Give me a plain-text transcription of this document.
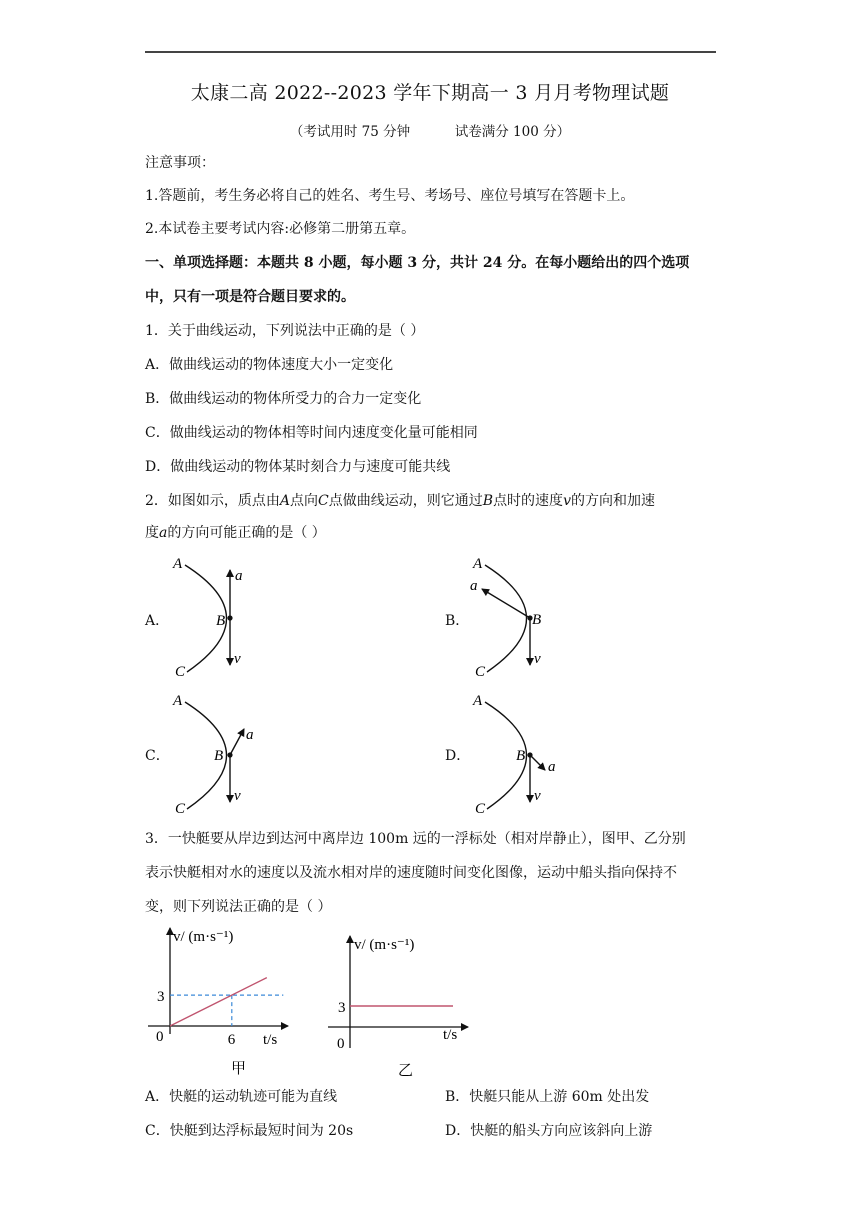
太康二高 2022--2023 学年下期高一 3 月月考物理试题
（考试用时 75 分钟	试卷满分 100 分）
注意事项：
1.答题前，考生务必将自己的姓名、考生号、考场号、座位号填写在答题卡上。
2.本试卷主要考试内容:必修第二册第五章。
一、单项选择题：本题共 8 小题，每小题 3 分，共计 24 分。在每小题给出的四个选项
中，只有一项是符合题目要求的。
1．关于曲线运动，下列说法中正确的是（ ）
A．做曲线运动的物体速度大小一定变化
B．做曲线运动的物体所受力的合力一定变化
C．做曲线运动的物体相等时间内速度变化量可能相同
D．做曲线运动的物体某时刻合力与速度可能共线
2．如图如示，质点由A点向C点做曲线运动，则它通过B点时的速度v的方向和加速
度a的方向可能正确的是（ ）
A．	B．
C．	D．
A
B
C
a
v
A
B
C
a
v
A
B
C
a
v
A
B
C
a
v
3．一快艇要从岸边到达河中离岸边 100m 远的一浮标处（相对岸静止），图甲、乙分别
表示快艇相对水的速度以及流水相对岸的速度随时间变化图像，运动中船头指向保持不
变，则下列说法正确的是（ ）
v/ (m·s⁻¹)
t/s
0
3
6
甲
v/ (m·s⁻¹)
t/s
0
3
乙
A．快艇的运动轨迹可能为直线	B．快艇只能从上游 60m 处出发
C．快艇到达浮标最短时间为 20s	D．快艇的船头方向应该斜向上游
